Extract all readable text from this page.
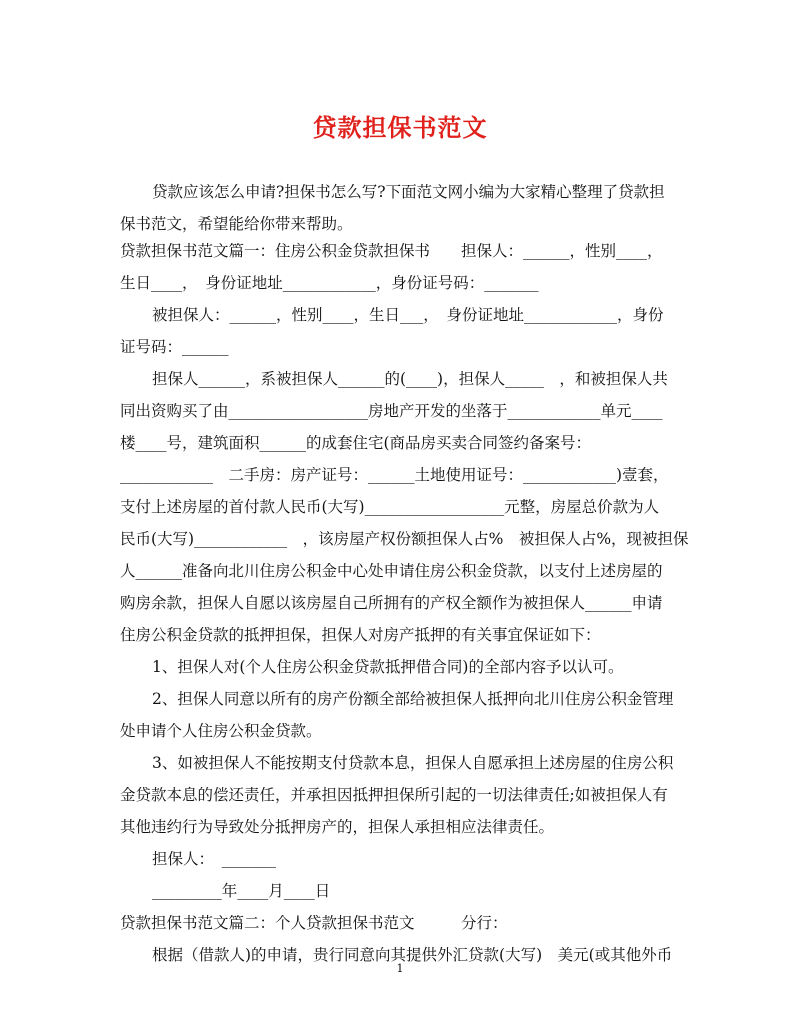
贷款担保书范文
贷款应该怎么申请?担保书怎么写?下面范文网小编为大家精心整理了贷款担
保书范文，希望能给你带来帮助。
贷款担保书范文篇一：住房公积金贷款担保书　　担保人：______，性别____，
生日____，　身份证地址____________，身份证号码：_______
被担保人：______，性别____，生日___，　身份证地址____________，身份
证号码：______
担保人______，系被担保人______的(____)，担保人_____　，和被担保人共
同出资购买了由__________________房地产开发的坐落于____________单元____
楼____号，建筑面积______的成套住宅(商品房买卖合同签约备案号：
____________　二手房：房产证号：______土地使用证号：____________)壹套，
支付上述房屋的首付款人民币(大写)__________________元整，房屋总价款为人
民币(大写)____________　，该房屋产权份额担保人占%　被担保人占%，现被担保
人______准备向北川住房公积金中心处申请住房公积金贷款，以支付上述房屋的
购房余款，担保人自愿以该房屋自己所拥有的产权全额作为被担保人______申请
住房公积金贷款的抵押担保，担保人对房产抵押的有关事宜保证如下：
1、担保人对(个人住房公积金贷款抵押借合同)的全部内容予以认可。
2、担保人同意以所有的房产份额全部给被担保人抵押向北川住房公积金管理
处申请个人住房公积金贷款。
3、如被担保人不能按期支付贷款本息，担保人自愿承担上述房屋的住房公积
金贷款本息的偿还责任，并承担因抵押担保所引起的一切法律责任;如被担保人有
其他违约行为导致处分抵押房产的，担保人承担相应法律责任。
担保人：　_______
_________年____月____日
贷款担保书范文篇二：个人贷款担保书范文　　　分行：
根据（借款人)的申请，贵行同意向其提供外汇贷款(大写)　美元(或其他外币
1
